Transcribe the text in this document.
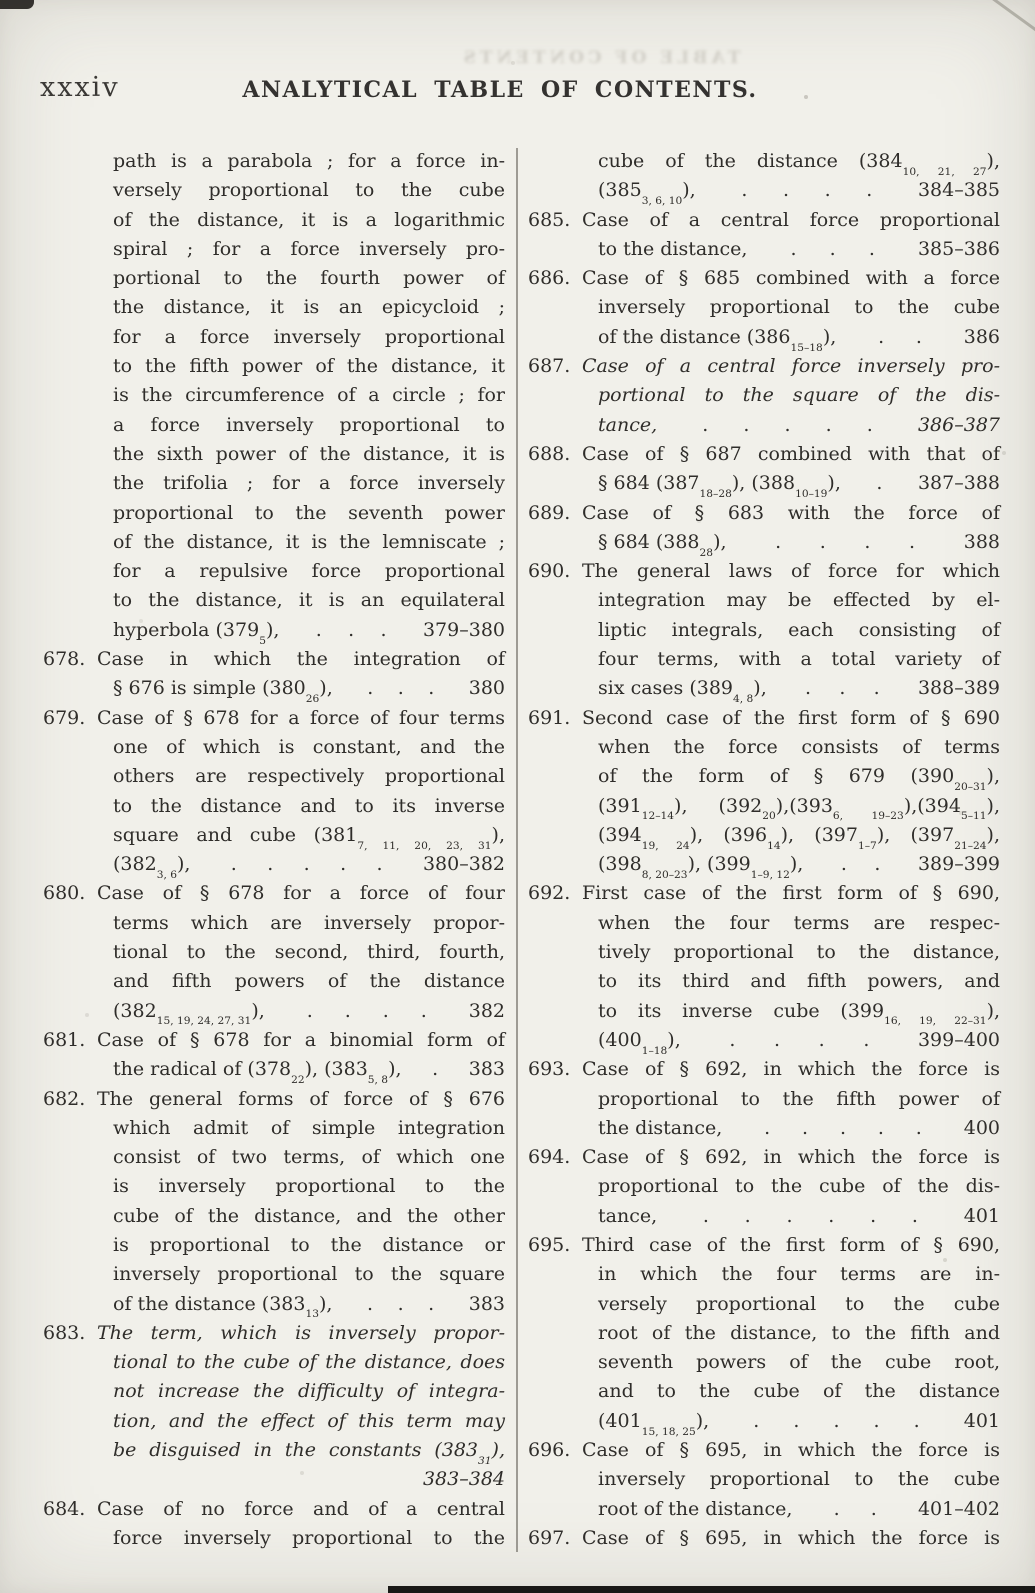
TABLE OF CONTENTS
xxxiv	ANALYTICAL TABLE OF CONTENTS.
path is a parabola ; for a force in-
versely proportional to the cube
of the distance, it is a logarithmic
spiral ; for a force inversely pro-
portional to the fourth power of
the distance, it is an epicycloid ;
for a force inversely proportional
to the fifth power of the distance, it
is the circumference of a circle ; for
a force inversely proportional to
the sixth power of the distance, it is
the trifolia ; for a force inversely
proportional to the seventh power
of the distance, it is the lemniscate ;
for a repulsive force proportional
to the distance, it is an equilateral
hyperbola $(379_5)$, . . . 379–380
678. Case in which the integration of
§ 676 is simple $(380_{26})$, . . . 380
679. Case of § 678 for a force of four terms
one of which is constant, and the
others are respectively proportional
to the distance and to its inverse
square and cube $(381_{7, 11, 20, 23, 31})$,
$(382_{3, 6})$, . . . . . 380–382
680. Case of § 678 for a force of four
terms which are inversely propor-
tional to the second, third, fourth,
and fifth powers of the distance
$(382_{15, 19, 24, 27, 31})$, . . . . 382
681. Case of § 678 for a binomial form of
the radical of $(378_{22})$, $(383_{5, 8})$, . 383
682. The general forms of force of § 676
which admit of simple integration
consist of two terms, of which one
is inversely proportional to the
cube of the distance, and the other
is proportional to the distance or
inversely proportional to the square
of the distance $(383_{13})$, . . . 383
683. The term, which is inversely propor-
tional to the cube of the distance, does
not increase the difficulty of integra-
tion, and the effect of this term may
be disguised in the constants $(383_{31})$,
383–384
684. Case of no force and of a central
force inversely proportional to the
cube of the distance $(384_{10, 21, 27})$,
$(385_{3, 6, 10})$, . . . . 384–385
685. Case of a central force proportional
to the distance, . . . 385–386
686. Case of § 685 combined with a force
inversely proportional to the cube
of the distance $(386_{15-18})$, . . 386
687. Case of a central force inversely pro-
portional to the square of the dis-
tance, . . . . . 386–387
688. Case of § 687 combined with that of
§ 684 $(387_{18-28})$, $(388_{10-19})$, . 387–388
689. Case of § 683 with the force of
§ 684 $(388_{28})$,	. . . .	388
690. The general laws of force for which
integration may be effected by el-
liptic integrals, each consisting of
four terms, with a total variety of
six cases $(389_{4, 8})$, . . . 388–389
691. Second case of the first form of § 690
when the force consists of terms
of the form of § 679 $(390_{20-31})$,
$(391_{12-14})$, $(392_{20}),(393_{6, 19-23}),(394_{5-11})$,
$(394_{19, 24})$, $(396_{14})$, $(397_{1-7})$, $(397_{21-24})$,
$(398_{8, 20-23})$, $(399_{1-9, 12})$, . . 389–399
692. First case of the first form of § 690,
when the four terms are respec-
tively proportional to the distance,
to its third and fifth powers, and
to its inverse cube $(399_{16, 19, 22-31})$,
$(400_{1-18})$,	. . . .	399–400
693. Case of § 692, in which the force is
proportional to the fifth power of
the distance, . . . . . 400
694. Case of § 692, in which the force is
proportional to the cube of the dis-
tance, . . . . . . 401
695. Third case of the first form of § 690,
in which the four terms are in-
versely proportional to the cube
root of the distance, to the fifth and
seventh powers of the cube root,
and to the cube of the distance
$(401_{15, 18, 25})$, . . . . . 401
696. Case of § 695, in which the force is
inversely proportional to the cube
root of the distance, . . 401–402
697. Case of § 695, in which the force is
